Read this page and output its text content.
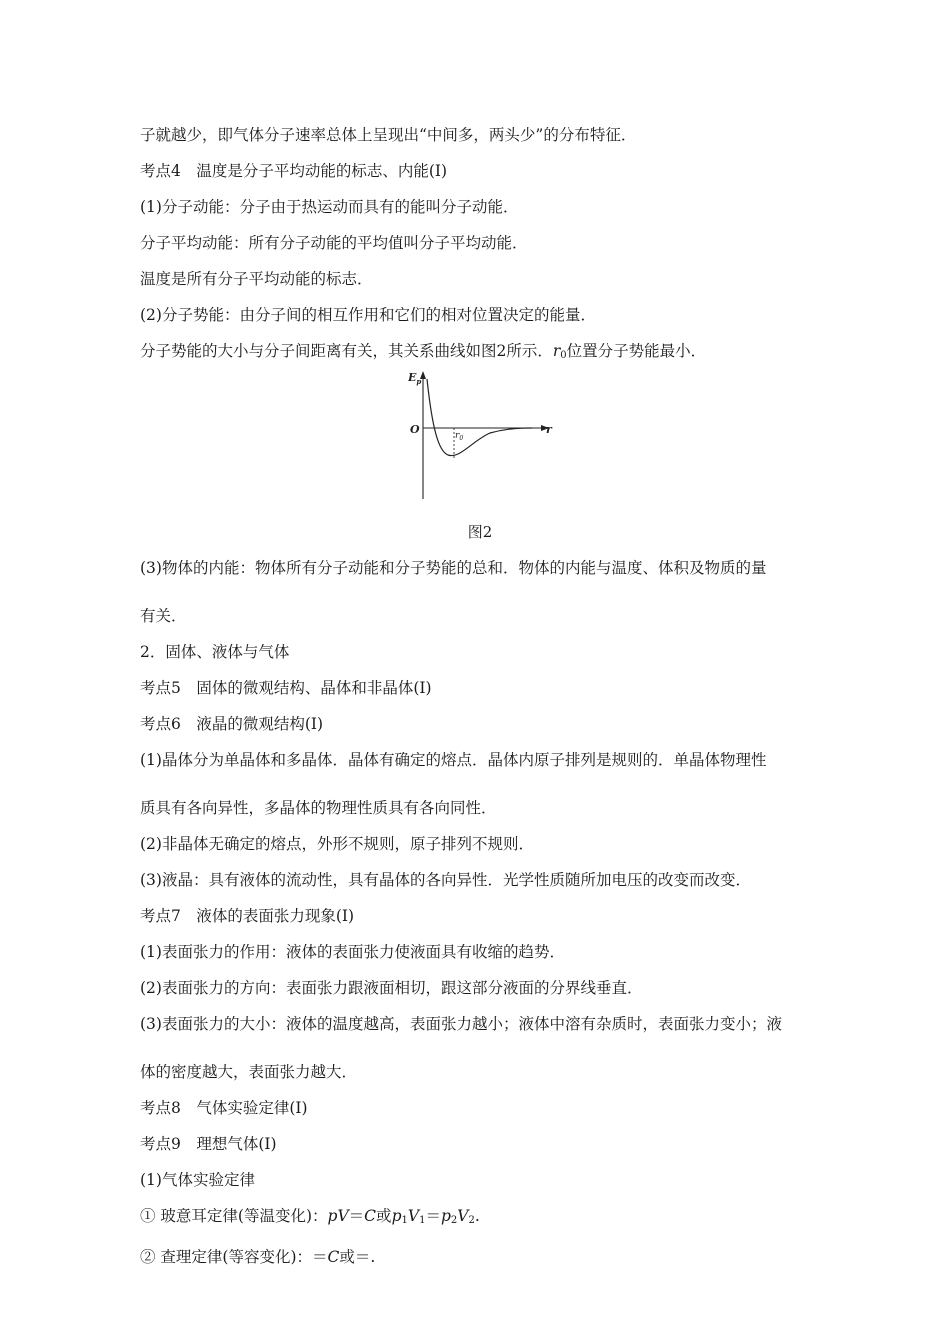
子就越少，即气体分子速率总体上呈现出“中间多，两头少”的分布特征．

考点4　温度是分子平均动能的标志、内能(Ⅰ)

(1)分子动能：分子由于热运动而具有的能叫分子动能．

分子平均动能：所有分子动能的平均值叫分子平均动能．

温度是所有分子平均动能的标志．

(2)分子势能：由分子间的相互作用和它们的相对位置决定的能量．

分子势能的大小与分子间距离有关，其关系曲线如图2所示．$r_0$位置分子势能最小．

$E_p$
O	r
$r_0$

图2

(3)物体的内能：物体所有分子动能和分子势能的总和．物体的内能与温度、体积及物质的量

有关．

2．固体、液体与气体

考点5　固体的微观结构、晶体和非晶体(Ⅰ)

考点6　液晶的微观结构(Ⅰ)

(1)晶体分为单晶体和多晶体．晶体有确定的熔点．晶体内原子排列是规则的．单晶体物理性

质具有各向异性，多晶体的物理性质具有各向同性．

(2)非晶体无确定的熔点，外形不规则，原子排列不规则．

(3)液晶：具有液体的流动性，具有晶体的各向异性．光学性质随所加电压的改变而改变．

考点7　液体的表面张力现象(Ⅰ)

(1)表面张力的作用：液体的表面张力使液面具有收缩的趋势．

(2)表面张力的方向：表面张力跟液面相切，跟这部分液面的分界线垂直．

(3)表面张力的大小：液体的温度越高，表面张力越小；液体中溶有杂质时，表面张力变小；液

体的密度越大，表面张力越大．

考点8　气体实验定律(Ⅰ)

考点9　理想气体(Ⅰ)

(1)气体实验定律

① 玻意耳定律(等温变化)：pV＝C或$p_1V_1=p_2V_2$.

② 查理定律(等容变化)：＝C或＝.
